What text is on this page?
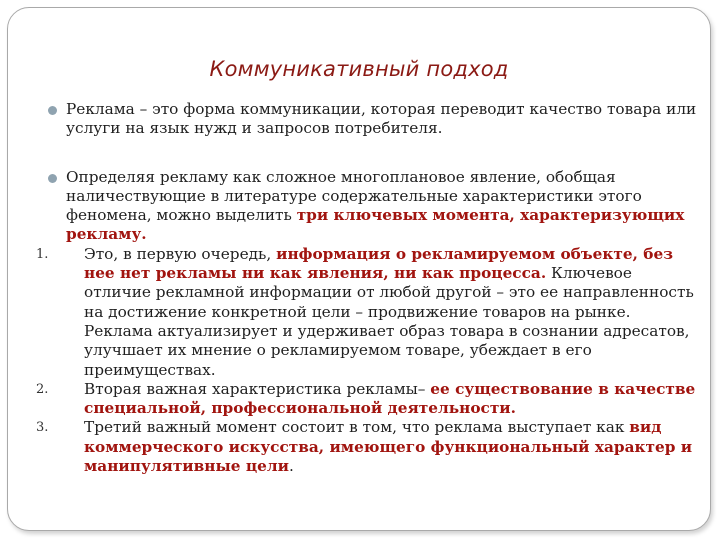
Коммуникативный подход
Реклама – это форма коммуникации, которая переводит качество товара или услуги на язык нужд и запросов потребителя.
Определяя рекламу как сложное многоплановое явление, обобщая наличествующие в литературе содержательные характеристики этого феномена, можно выделить три ключевых момента, характеризующих рекламу.
1. Это, в первую очередь, информация о рекламируемом объекте, без нее нет рекламы ни как явления, ни как процесса. Ключевое отличие рекламной информации от любой другой – это ее направленность на достижение конкретной цели – продвижение товаров на рынке. Реклама актуализирует и удерживает образ товара в сознании адресатов, улучшает их мнение о рекламируемом товаре, убеждает в его преимуществах.
2. Вторая важная характеристика рекламы– ее существование в качестве специальной, профессиональной деятельности.
3. Третий важный момент состоит в том, что реклама выступает как вид коммерческого искусства, имеющего функциональный характер и манипулятивные цели.
